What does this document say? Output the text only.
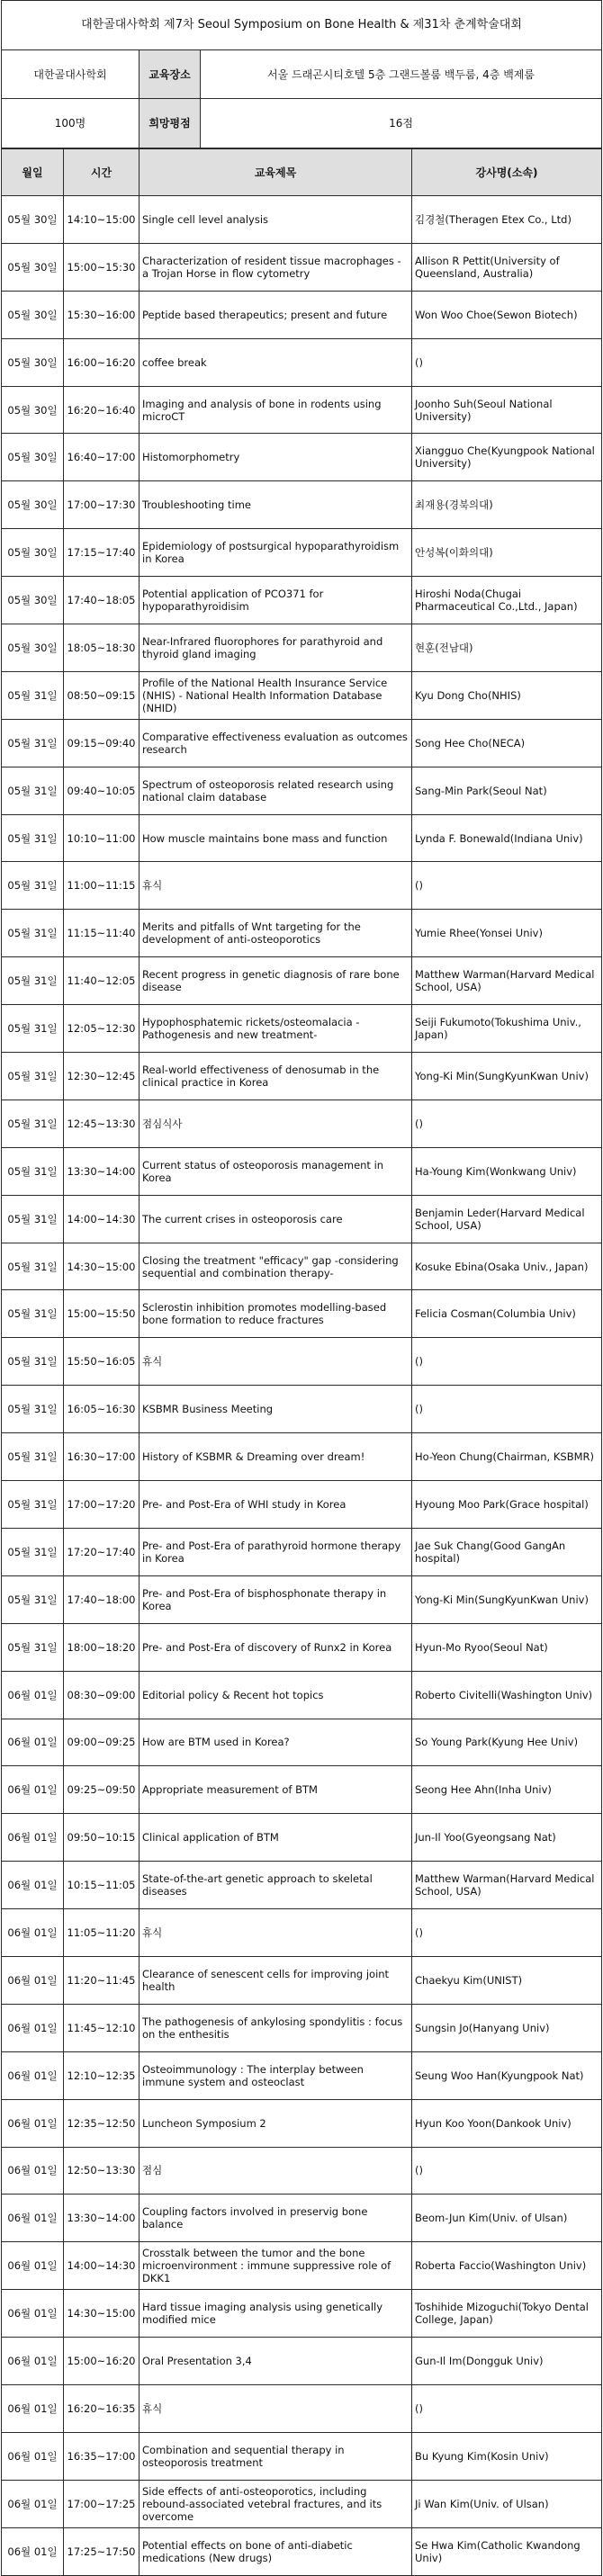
대한골대사학회 제7차 Seoul Symposium on Bone Health & 제31차 춘계학술대회		
대한골대사학회	교육장소	서울 드래곤시티호텔 5층 그랜드볼룸 백두룸, 4층 백제룸
100명	희망평점	16점
월일	시간	교육제목	강사명(소속)
05월 30일	14:10~15:00	Single cell level analysis	김경철(Theragen Etex Co., Ltd)
05월 30일	15:00~15:30	Characterization of resident tissue macrophages - a Trojan Horse in flow cytometry	Allison R Pettit(University of Queensland, Australia)
05월 30일	15:30~16:00	Peptide based therapeutics; present and future	Won Woo Choe(Sewon Biotech)
05월 30일	16:00~16:20	coffee break	()
05월 30일	16:20~16:40	Imaging and analysis of bone in rodents using microCT	Joonho Suh(Seoul National University)
05월 30일	16:40~17:00	Histomorphometry	Xiangguo Che(Kyungpook National University)
05월 30일	17:00~17:30	Troubleshooting time	최재용(경북의대)
05월 30일	17:15~17:40	Epidemiology of postsurgical hypoparathyroidism in Korea	안성복(이화의대)
05월 30일	17:40~18:05	Potential application of PCO371 for hypoparathyroidisim	Hiroshi Noda(Chugai Pharmaceutical Co.,Ltd., Japan)
05월 30일	18:05~18:30	Near-Infrared fluorophores for parathyroid and thyroid gland imaging	현훈(전남대)
05월 31일	08:50~09:15	Profile of the National Health Insurance Service (NHIS) - National Health Information Database (NHID)	Kyu Dong Cho(NHIS)
05월 31일	09:15~09:40	Comparative effectiveness evaluation as outcomes research	Song Hee Cho(NECA)
05월 31일	09:40~10:05	Spectrum of osteoporosis related research using national claim database	Sang-Min Park(Seoul Nat)
05월 31일	10:10~11:00	How muscle maintains bone mass and function	Lynda F. Bonewald(Indiana Univ)
05월 31일	11:00~11:15	휴식	()
05월 31일	11:15~11:40	Merits and pitfalls of Wnt targeting for the development of anti-osteoporotics	Yumie Rhee(Yonsei Univ)
05월 31일	11:40~12:05	Recent progress in genetic diagnosis of rare bone disease	Matthew Warman(Harvard Medical School, USA)
05월 31일	12:05~12:30	Hypophosphatemic rickets/osteomalacia - Pathogenesis and new treatment-	Seiji Fukumoto(Tokushima Univ., Japan)
05월 31일	12:30~12:45	Real-world effectiveness of denosumab in the clinical practice in Korea	Yong-Ki Min(SungKyunKwan Univ)
05월 31일	12:45~13:30	점심식사	()
05월 31일	13:30~14:00	Current status of osteoporosis management in Korea	Ha-Young Kim(Wonkwang Univ)
05월 31일	14:00~14:30	The current crises in osteoporosis care	Benjamin Leder(Harvard Medical School, USA)
05월 31일	14:30~15:00	Closing the treatment "efficacy" gap -considering sequential and combination therapy-	Kosuke Ebina(Osaka Univ., Japan)
05월 31일	15:00~15:50	Sclerostin inhibition promotes modelling-based bone formation to reduce fractures	Felicia Cosman(Columbia Univ)
05월 31일	15:50~16:05	휴식	()
05월 31일	16:05~16:30	KSBMR Business Meeting	()
05월 31일	16:30~17:00	History of KSBMR & Dreaming over dream!	Ho-Yeon Chung(Chairman, KSBMR)
05월 31일	17:00~17:20	Pre- and Post-Era of WHI study in Korea	Hyoung Moo Park(Grace hospital)
05월 31일	17:20~17:40	Pre- and Post-Era of parathyroid hormone therapy in Korea	Jae Suk Chang(Good GangAn hospital)
05월 31일	17:40~18:00	Pre- and Post-Era of bisphosphonate therapy in Korea	Yong-Ki Min(SungKyunKwan Univ)
05월 31일	18:00~18:20	Pre- and Post-Era of discovery of Runx2 in Korea	Hyun-Mo Ryoo(Seoul Nat)
06월 01일	08:30~09:00	Editorial policy & Recent hot topics	Roberto Civitelli(Washington Univ)
06월 01일	09:00~09:25	How are BTM used in Korea?	So Young Park(Kyung Hee Univ)
06월 01일	09:25~09:50	Appropriate measurement of BTM	Seong Hee Ahn(Inha Univ)
06월 01일	09:50~10:15	Clinical application of BTM	Jun-Il Yoo(Gyeongsang Nat)
06월 01일	10:15~11:05	State-of-the-art genetic approach to skeletal diseases	Matthew Warman(Harvard Medical School, USA)
06월 01일	11:05~11:20	휴식	()
06월 01일	11:20~11:45	Clearance of senescent cells for improving joint health	Chaekyu Kim(UNIST)
06월 01일	11:45~12:10	The pathogenesis of ankylosing spondylitis : focus on the enthesitis	Sungsin Jo(Hanyang Univ)
06월 01일	12:10~12:35	Osteoimmunology : The interplay between immune system and osteoclast	Seung Woo Han(Kyungpook Nat)
06월 01일	12:35~12:50	Luncheon Symposium 2	Hyun Koo Yoon(Dankook Univ)
06월 01일	12:50~13:30	점심	()
06월 01일	13:30~14:00	Coupling factors involved in preservig bone balance	Beom-Jun Kim(Univ. of Ulsan)
06월 01일	14:00~14:30	Crosstalk between the tumor and the bone microenvironment : immune suppressive role of DKK1	Roberta Faccio(Washington Univ)
06월 01일	14:30~15:00	Hard tissue imaging analysis using genetically modified mice	Toshihide Mizoguchi(Tokyo Dental College, Japan)
06월 01일	15:00~16:20	Oral Presentation 3,4	Gun-Il Im(Dongguk Univ)
06월 01일	16:20~16:35	휴식	()
06월 01일	16:35~17:00	Combination and sequential therapy in osteoporosis treatment	Bu Kyung Kim(Kosin Univ)
06월 01일	17:00~17:25	Side effects of anti-osteoporotics, including rebound-associated vetebral fractures, and its overcome	Ji Wan Kim(Univ. of Ulsan)
06월 01일	17:25~17:50	Potential effects on bone of anti-diabetic medications (New drugs)	Se Hwa Kim(Catholic Kwandong Univ)
